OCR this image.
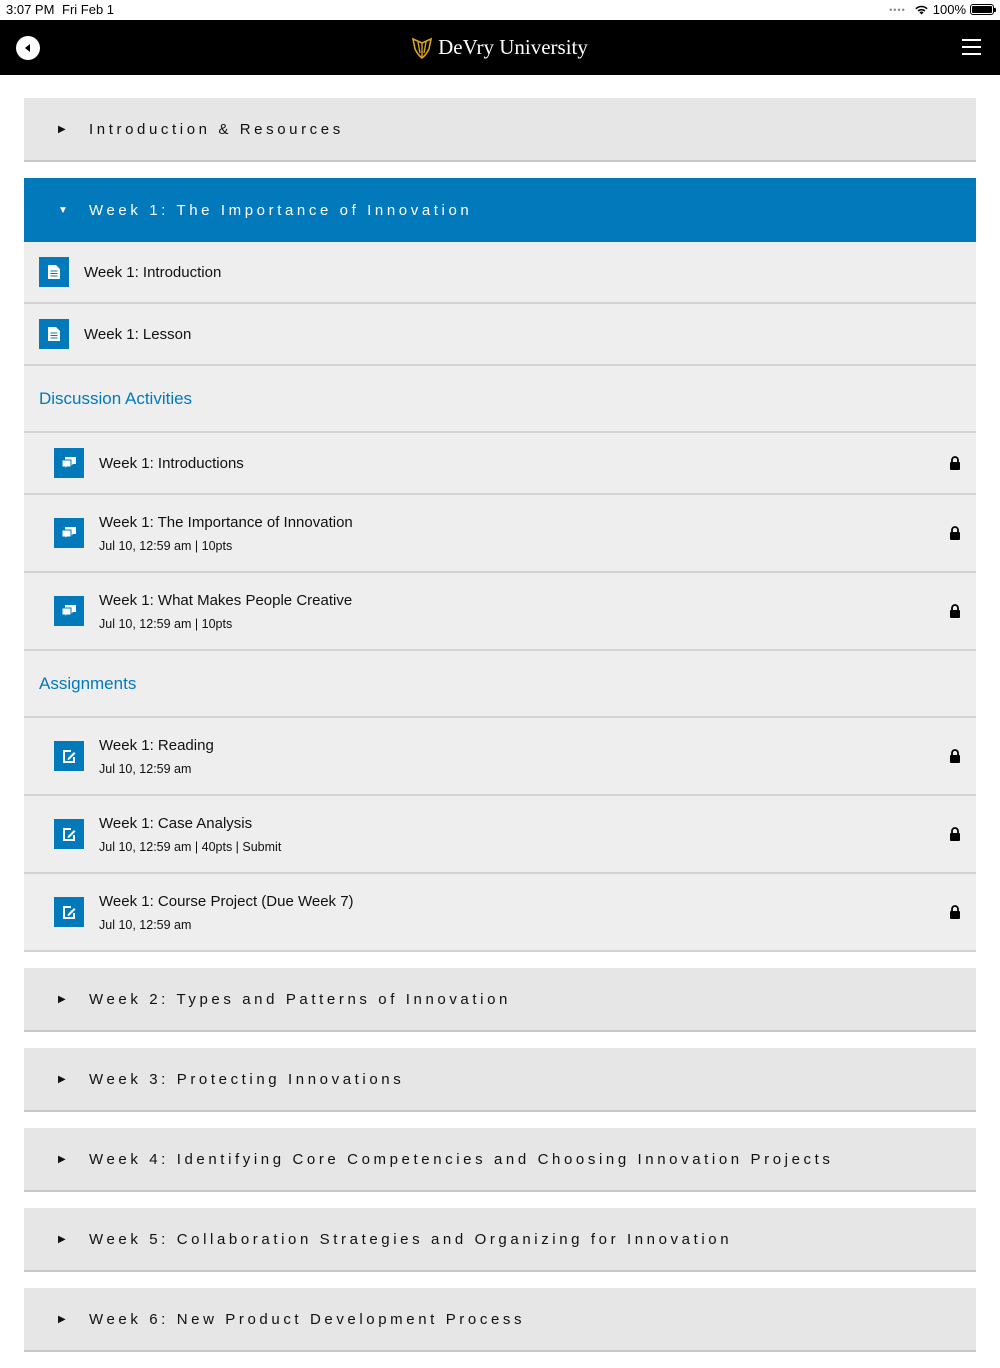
3:07 PM Fri Feb 1	•••• 100%
DeVry University
▶	Introduction & Resources
▼ Week 1: The Importance of Innovation
Week 1: Introduction
Week 1: Lesson
Discussion Activities
Week 1: Introductions
Week 1: The Importance of Innovation
Jul 10, 12:59 am | 10pts
Week 1: What Makes People Creative
Jul 10, 12:59 am | 10pts
Assignments
Week 1: Reading
Jul 10, 12:59 am
Week 1: Case Analysis
Jul 10, 12:59 am | 40pts | Submit
Week 1: Course Project (Due Week 7)
Jul 10, 12:59 am
▶	Week 2: Types and Patterns of Innovation
▶	Week 3: Protecting Innovations
▶	Week 4: Identifying Core Competencies and Choosing Innovation Projects
▶	Week 5: Collaboration Strategies and Organizing for Innovation
▶	Week 6: New Product Development Process
